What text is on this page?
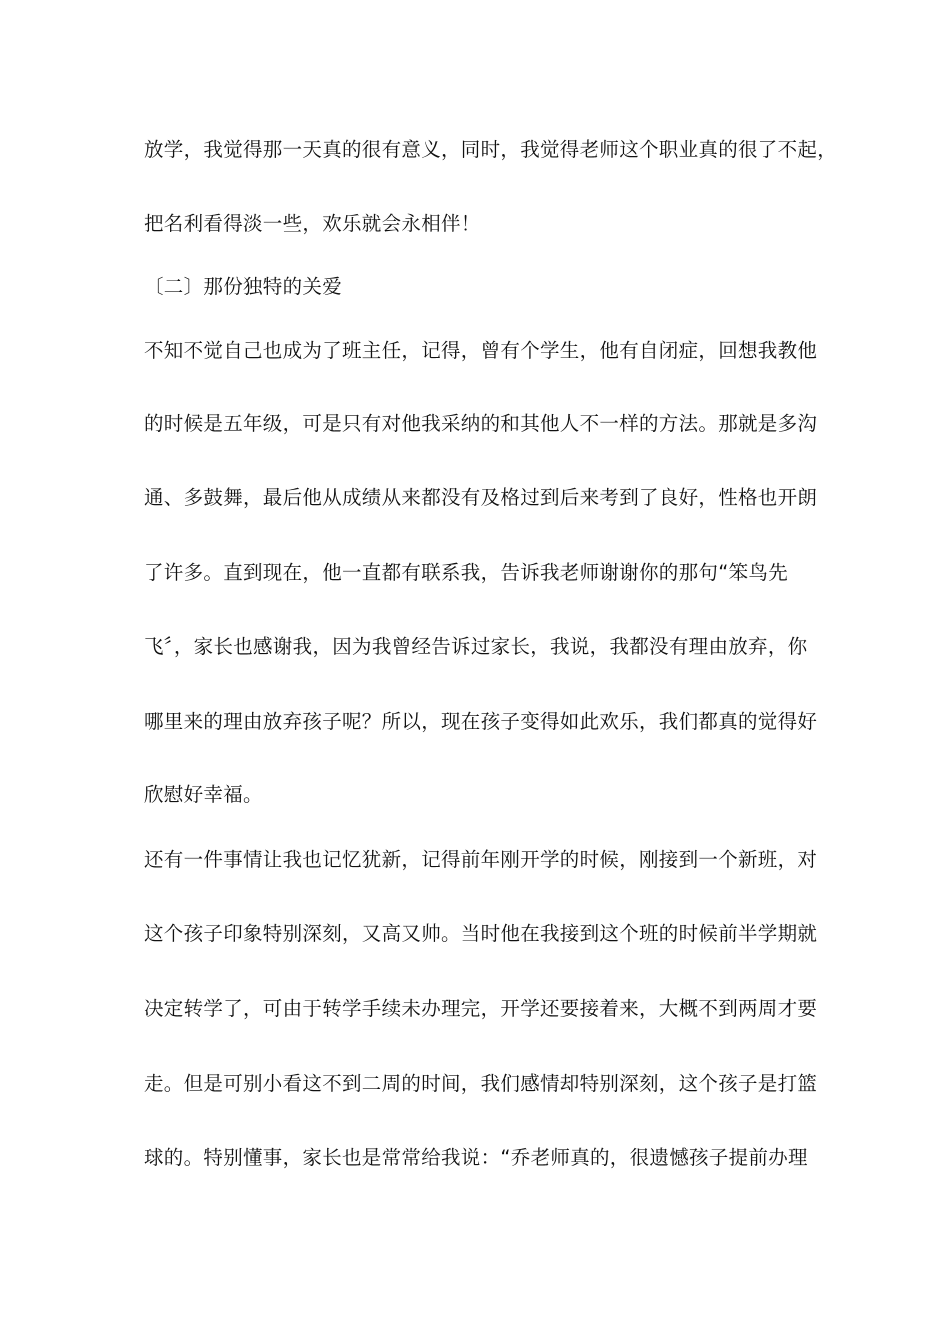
放学，我觉得那一天真的很有意义，同时，我觉得老师这个职业真的很了不起，
把名利看得淡一些，欢乐就会永相伴！
〔二〕那份独特的关爱
不知不觉自己也成为了班主任，记得，曾有个学生，他有自闭症，回想我教他
的时候是五年级，可是只有对他我采纳的和其他人不一样的方法。那就是多沟
通、多鼓舞，最后他从成绩从来都没有及格过到后来考到了良好，性格也开朗
了许多。直到现在，他一直都有联系我，告诉我老师谢谢你的那句“笨鸟先
飞〞，家长也感谢我，因为我曾经告诉过家长，我说，我都没有理由放弃，你
哪里来的理由放弃孩子呢？所以，现在孩子变得如此欢乐，我们都真的觉得好
欣慰好幸福。
还有一件事情让我也记忆犹新，记得前年刚开学的时候，刚接到一个新班，对
这个孩子印象特别深刻，又高又帅。当时他在我接到这个班的时候前半学期就
决定转学了，可由于转学手续未办理完，开学还要接着来，大概不到两周才要
走。但是可别小看这不到二周的时间，我们感情却特别深刻，这个孩子是打篮
球的。特别懂事，家长也是常常给我说：“乔老师真的，很遗憾孩子提前办理
